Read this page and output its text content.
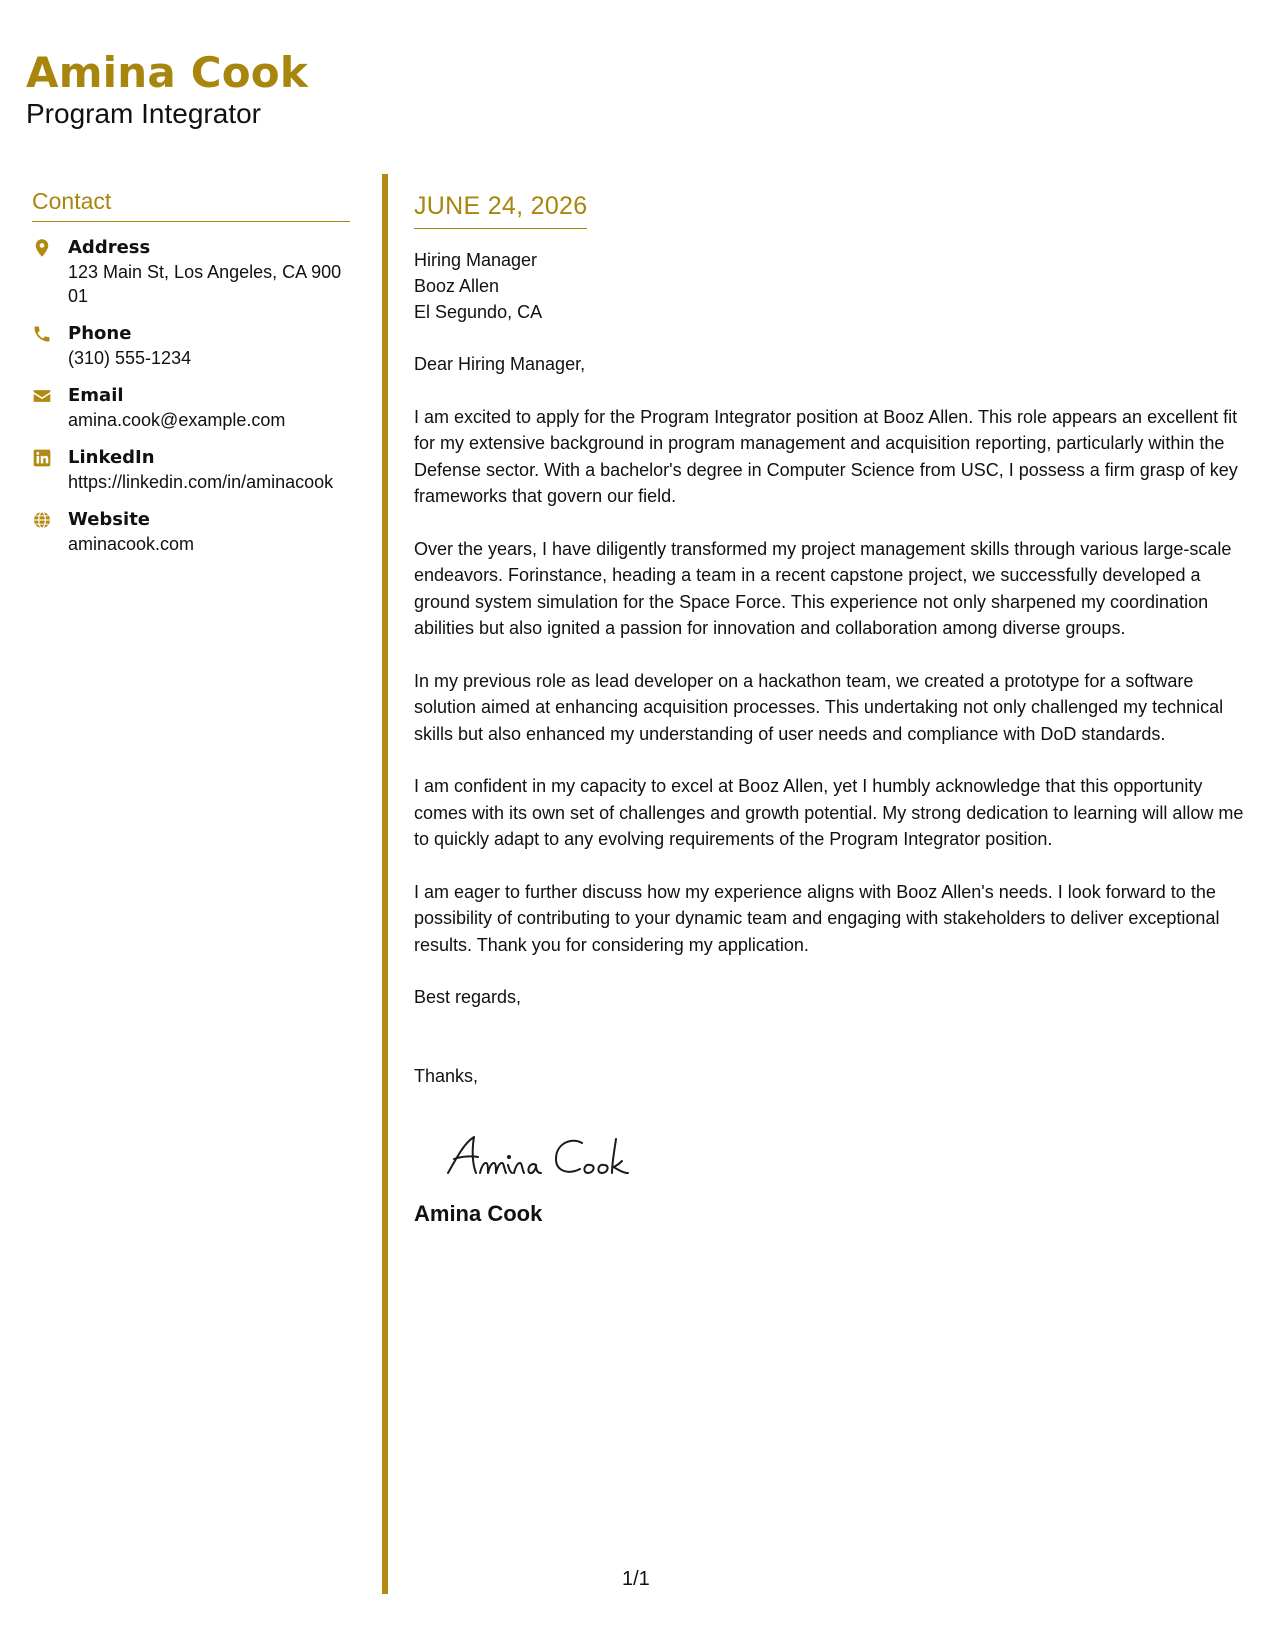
Amina Cook
Program Integrator
Contact
Address
123 Main St, Los Angeles, CA 90001
Phone
(310) 555-1234
Email
amina.cook@example.com
LinkedIn
https://linkedin.com/in/aminacook
Website
aminacook.com
JUNE 24, 2026
Hiring Manager
Booz Allen
El Segundo, CA
Dear Hiring Manager,
I am excited to apply for the Program Integrator position at Booz Allen. This role appears an excellent fit for my extensive background in program management and acquisition reporting, particularly within the Defense sector. With a bachelor's degree in Computer Science from USC, I possess a firm grasp of key frameworks that govern our field.
Over the years, I have diligently transformed my project management skills through various large-scale endeavors. Forinstance, heading a team in a recent capstone project, we successfully developed a ground system simulation for the Space Force. This experience not only sharpened my coordination abilities but also ignited a passion for innovation and collaboration among diverse groups.
In my previous role as lead developer on a hackathon team, we created a prototype for a software solution aimed at enhancing acquisition processes. This undertaking not only challenged my technical skills but also enhanced my understanding of user needs and compliance with DoD standards.
I am confident in my capacity to excel at Booz Allen, yet I humbly acknowledge that this opportunity comes with its own set of challenges and growth potential. My strong dedication to learning will allow me to quickly adapt to any evolving requirements of the Program Integrator position.
I am eager to further discuss how my experience aligns with Booz Allen's needs. I look forward to the possibility of contributing to your dynamic team and engaging with stakeholders to deliver exceptional results. Thank you for considering my application.
Best regards,
Thanks,
Amina Cook
1/1
